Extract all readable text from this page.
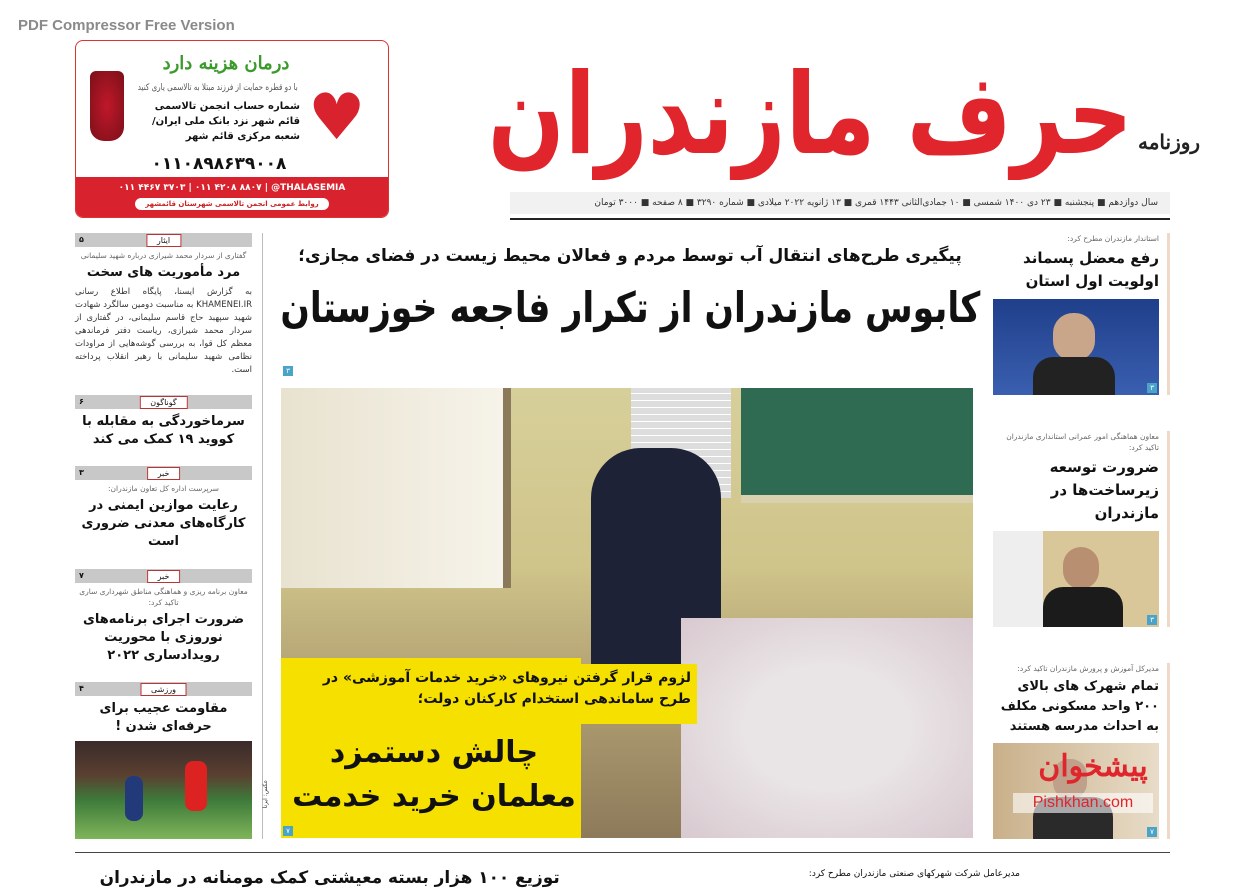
PDF Compressor Free Version
درمان هزینه دارد
با دو قطره حمایت از فرزند مبتلا به تالاسمی یاری کنید
شماره حساب انجمن تالاسمی قائم شهر نزد بانک ملی ایران/ شعبه مرکزی قائم شهر
۰۱۱۰۸۹۸۶۳۹۰۰۸
♥
۰۱۱ ۴۴۶۷ ۳۷۰۳ | ۰۱۱ ۴۲۰۸ ۸۸۰۷ | @THALASEMIA
روابط عمومی انجمن تالاسمی شهرستان قائمشهر
حرف مازندران روزنامه
سال دوازدهم ■ پنجشنبه ■ ۲۳ دی ۱۴۰۰ شمسی ■ ۱۰ جمادی‌الثانی ۱۴۴۳ قمری ■ ۱۳ ژانویه ۲۰۲۲ میلادی ■ شماره ۳۲۹۰ ■ ۸ صفحه ■ ۳۰۰۰ تومان
ایثار
۵
گفتاری از سردار محمد شیرازی درباره شهید سلیمانی
مرد مأموریت های سخت
به گزارش ایسنا، پایگاه اطلاع رسانی KHAMENEI.IR به مناسبت دومین سالگرد شهادت شهید سپهبد حاج قاسم سلیمانی، در گفتاری از سردار محمد شیرازی، ریاست دفتر فرماندهی معظم کل قوا، به بررسی گوشه‌هایی از مراودات نظامی شهید سلیمانی با رهبر انقلاب پرداخته است.
گوناگون
۶
سرماخوردگی به مقابله با کووید ۱۹ کمک می کند
خبر
۳
سرپرست اداره کل تعاون مازندران:
رعایت موازین ایمنی در کارگاه‌های معدنی ضروری است
خبر
۷
معاون برنامه ریزی و هماهنگی مناطق شهرداری ساری تاکید کرد:
ضرورت اجرای برنامه‌های نوروزی با محوریت رویدادساری ۲۰۲۲
ورزشی
۴
مقاومت عجیب برای حرفه‌ای شدن !
عکس: ایرنا
پیگیری طرح‌های انتقال آب توسط مردم و فعالان محیط زیست در فضای مجازی؛
کابوس مازندران از تکرار فاجعه خوزستان
۳
لزوم قرار گرفتن نیروهای «خرید خدمات آموزشی» در طرح ساماندهی استخدام کارکنان دولت؛
چالش دستمزد معلمان خرید خدمت
۷
استاندار مازندران مطرح کرد:
رفع معضل پسماند اولویت اول استان
۳
معاون هماهنگی امور عمرانی استانداری مازندران تاکید کرد:
ضرورت توسعه زیرساخت‌ها در مازندران
۳
مدیرکل آموزش و پرورش مازندران تاکید کرد:
تمام شهرک های بالای ۲۰۰ واحد مسکونی مکلف به احداث مدرسه هستند
پیشخوان
Pishkhan.com
۷
توزیع ۱۰۰ هزار بسته معیشتی کمک مومنانه در مازندران	مدیرعامل شرکت شهرکهای صنعتی مازندران مطرح کرد:
